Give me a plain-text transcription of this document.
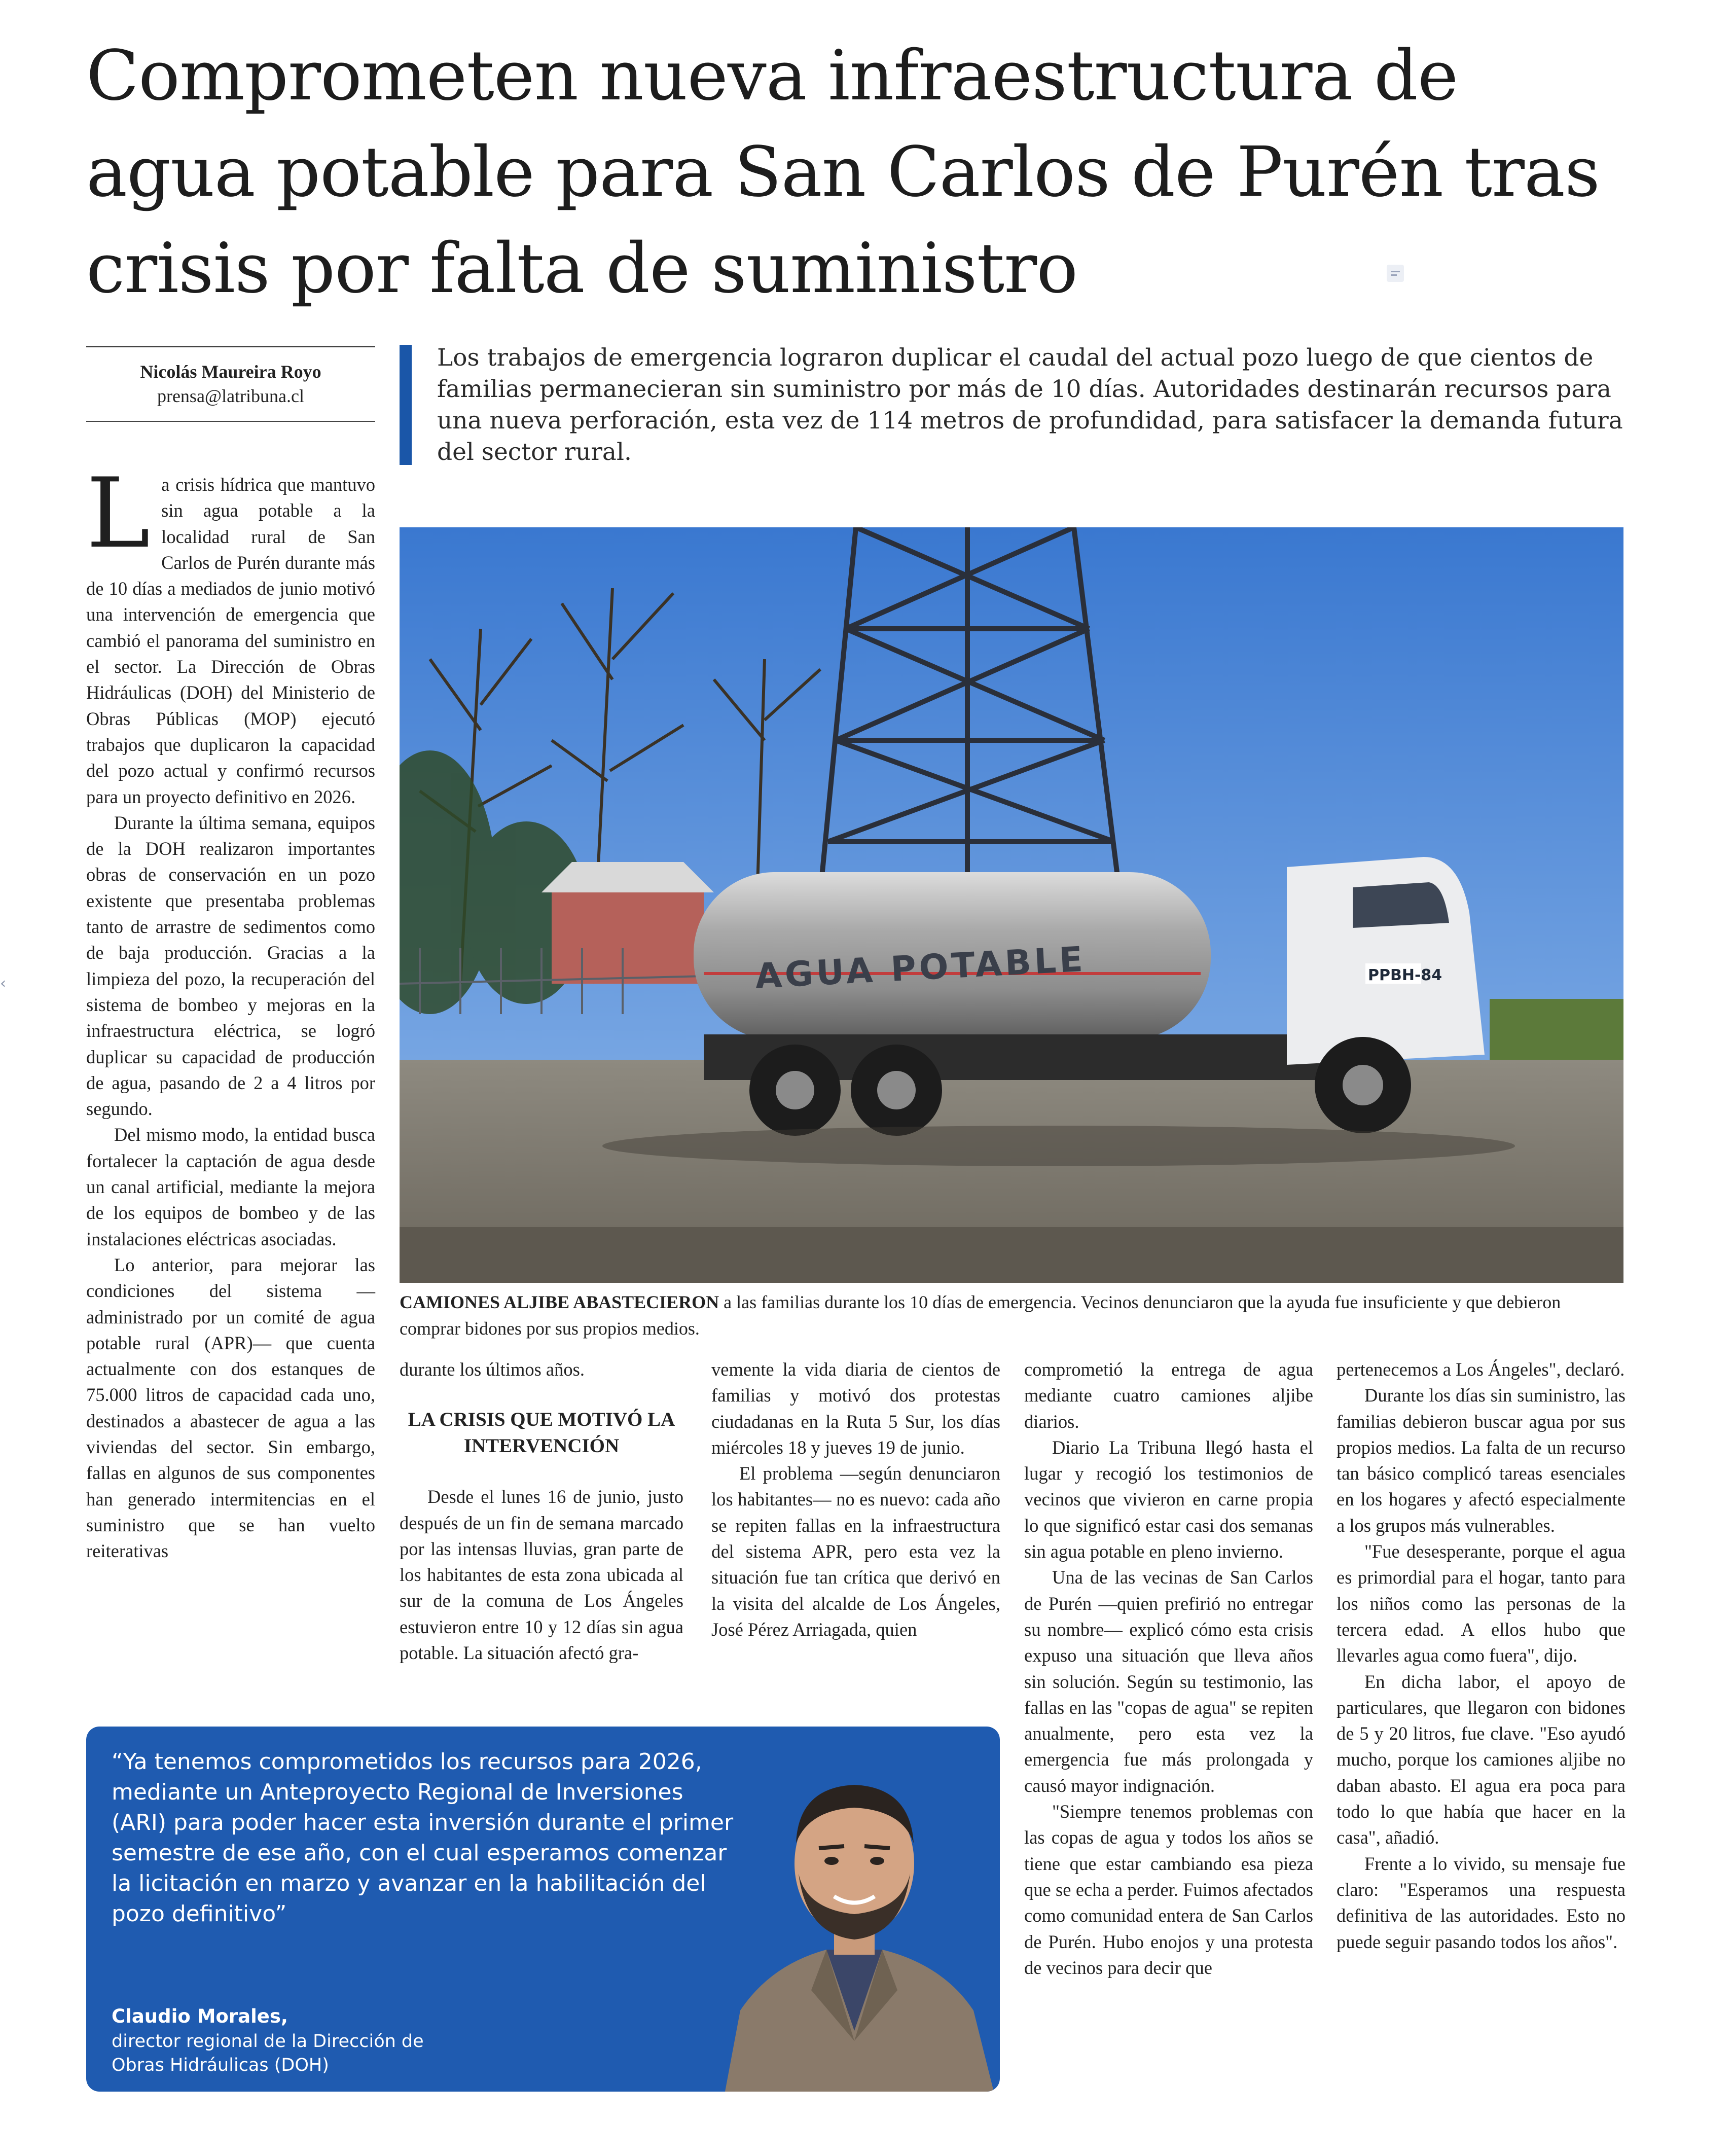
Comprometen nueva infraestructura de agua potable para San Carlos de Purén tras crisis por falta de suministro
Nicolás Maureira Royo
prensa@latribuna.cl

Los trabajos de emergencia lograron duplicar el caudal del actual pozo luego de que cientos de familias permanecieran sin suministro por más de 10 días. Autoridades destinarán recursos para una nueva perforación, esta vez de 114 metros de profundidad, para satisfacer la demanda futura del sector rural.

La crisis hídrica que mantuvo sin agua potable a la localidad rural de San Carlos de Purén durante más de 10 días a mediados de junio motivó una intervención de emergencia que cambió el panorama del suministro en el sector. La Dirección de Obras Hidráulicas (DOH) del Ministerio de Obras Públicas (MOP) ejecutó trabajos que duplicaron la capacidad del pozo actual y confirmó recursos para un proyecto definitivo en 2026.

Durante la última semana, equipos de la DOH realizaron importantes obras de conservación en un pozo existente que presentaba problemas tanto de arrastre de sedimentos como de baja producción. Gracias a la limpieza del pozo, la recuperación del sistema de bombeo y mejoras en la infraestructura eléctrica, se logró duplicar su capacidad de producción de agua, pasando de 2 a 4 litros por segundo.

Del mismo modo, la entidad busca fortalecer la captación de agua desde un canal artificial, mediante la mejora de los equipos de bombeo y de las instalaciones eléctricas asociadas.

Lo anterior, para mejorar las condiciones del sistema —administrado por un comité de agua potable rural (APR)— que cuenta actualmente con dos estanques de 75.000 litros de capacidad cada uno, destinados a abastecer de agua a las viviendas del sector. Sin embargo, fallas en algunos de sus componentes han generado intermitencias en el suministro que se han vuelto reiterativas

AGUA POTABLE	PPBH-84

CAMIONES ALJIBE ABASTECIERON a las familias durante los 10 días de emergencia. Vecinos denunciaron que la ayuda fue insuficiente y que debieron comprar bidones por sus propios medios.

durante los últimos años.

LA CRISIS QUE MOTIVÓ LA INTERVENCIÓN

Desde el lunes 16 de junio, justo después de un fin de semana marcado por las intensas lluvias, gran parte de los habitantes de esta zona ubicada al sur de la comuna de Los Ángeles estuvieron entre 10 y 12 días sin agua potable. La situación afectó gra-

vemente la vida diaria de cientos de familias y motivó dos protestas ciudadanas en la Ruta 5 Sur, los días miércoles 18 y jueves 19 de junio.

El problema —según denunciaron los habitantes— no es nuevo: cada año se repiten fallas en la infraestructura del sistema APR, pero esta vez la situación fue tan crítica que derivó en la visita del alcalde de Los Ángeles, José Pérez Arriagada, quien

comprometió la entrega de agua mediante cuatro camiones aljibe diarios.

Diario La Tribuna llegó hasta el lugar y recogió los testimonios de vecinos que vivieron en carne propia lo que significó estar casi dos semanas sin agua potable en pleno invierno.

Una de las vecinas de San Carlos de Purén —quien prefirió no entregar su nombre— explicó cómo esta crisis expuso una situación que lleva años sin solución. Según su testimonio, las fallas en las "copas de agua" se repiten anualmente, pero esta vez la emergencia fue más prolongada y causó mayor indignación.

"Siempre tenemos problemas con las copas de agua y todos los años se tiene que estar cambiando esa pieza que se echa a perder. Fuimos afectados como comunidad entera de San Carlos de Purén. Hubo enojos y una protesta de vecinos para decir que

pertenecemos a Los Ángeles", declaró.

Durante los días sin suministro, las familias debieron buscar agua por sus propios medios. La falta de un recurso tan básico complicó tareas esenciales en los hogares y afectó especialmente a los grupos más vulnerables.

"Fue desesperante, porque el agua es primordial para el hogar, tanto para los niños como las personas de la tercera edad. A ellos hubo que llevarles agua como fuera", dijo.

En dicha labor, el apoyo de particulares, que llegaron con bidones de 5 y 20 litros, fue clave. "Eso ayudó mucho, porque los camiones aljibe no daban abasto. El agua era poca para todo lo que había que hacer en la casa", añadió.

Frente a lo vivido, su mensaje fue claro: "Esperamos una respuesta definitiva de las autoridades. Esto no puede seguir pasando todos los años".

“Ya tenemos comprometidos los recursos para 2026, mediante un Anteproyecto Regional de Inversiones (ARI) para poder hacer esta inversión durante el primer semestre de ese año, con el cual esperamos comenzar la licitación en marzo y avanzar en la habilitación del pozo definitivo”

Claudio Morales,
director regional de la Dirección de Obras Hidráulicas (DOH)
‹
